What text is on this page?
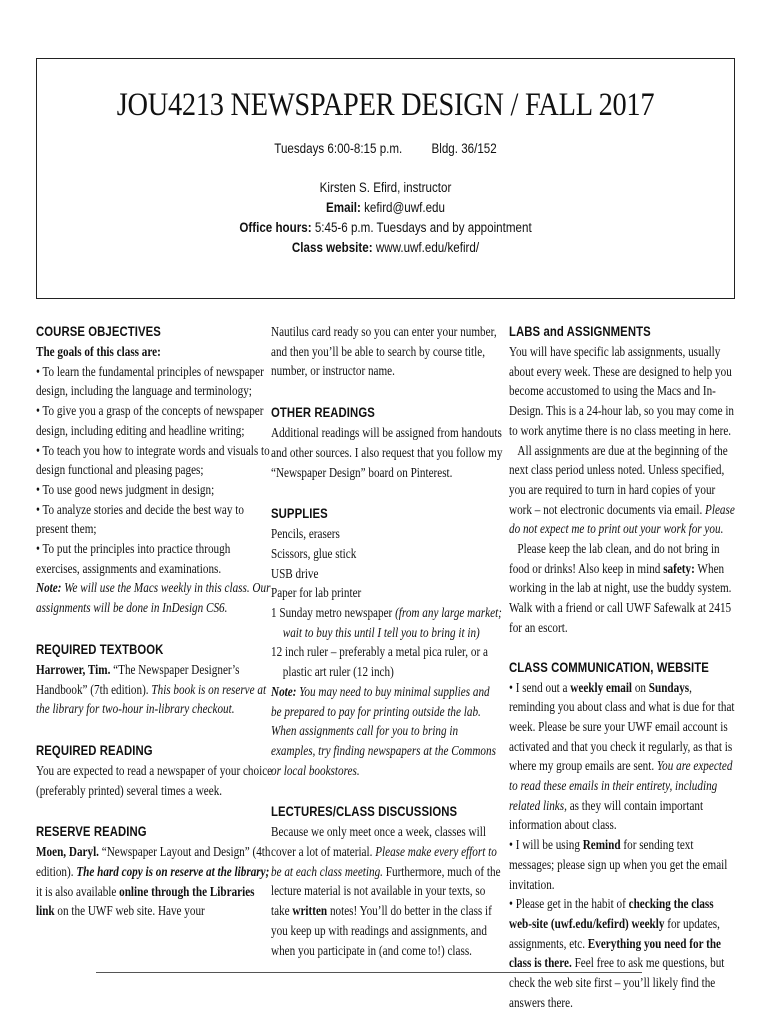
JOU4213 NEWSPAPER DESIGN / FALL 2017
Tuesdays 6:00-8:15 p.m. Bldg. 36/152
Kirsten S. Efird, instructor
Email: kefird@uwf.edu
Office hours: 5:45-6 p.m. Tuesdays and by appointment
Class website: www.uwf.edu/kefird/
COURSE OBJECTIVES

The goals of this class are:

• To learn the fundamental principles of newspaper design, including the language and terminology;

• To give you a grasp of the concepts of newspaper design, including editing and headline writing;

• To teach you how to integrate words and visuals to design functional and pleasing pages;

• To use good news judgment in design;

• To analyze stories and decide the best way to present them;

• To put the principles into practice through exercises, assignments and examinations.

Note: We will use the Macs weekly in this class. Our assignments will be done in InDesign CS6.

REQUIRED TEXTBOOK

Harrower, Tim. “The Newspaper Designer’s Handbook” (7th edition). This book is on reserve at the library for two-hour in-library checkout.

REQUIRED READING

You are expected to read a newspaper of your choice (preferably printed) several times a week.

RESERVE READING

Moen, Daryl. “Newspaper Layout and Design” (4th edition). The hard copy is on reserve at the library; it is also available online through the Libraries link on the UWF web site. Have your

Nautilus card ready so you can enter your number, and then you’ll be able to search by course title, number, or instructor name.

OTHER READINGS

Additional readings will be assigned from handouts and other sources. I also request that you follow my “Newspaper Design” board on Pinterest.

SUPPLIES

Pencils, erasers

Scissors, glue stick

USB drive

Paper for lab printer

1 Sunday metro newspaper (from any large market; wait to buy this until I tell you to bring it in)

12 inch ruler – preferably a metal pica ruler, or a plastic art ruler (12 inch)

Note: You may need to buy minimal supplies and be prepared to pay for printing outside the lab. When assignments call for you to bring in examples, try finding newspapers at the Commons or local bookstores.

LECTURES/CLASS DISCUSSIONS

Because we only meet once a week, classes will cover a lot of material. Please make every effort to be at each class meeting. Furthermore, much of the lecture material is not available in your texts, so take written notes! You’ll do better in the class if you keep up with readings and assignments, and when you participate in (and come to!) class.

LABS and ASSIGNMENTS

You will have specific lab assignments, usually about every week. These are designed to help you become accustomed to using the Macs and In-Design. This is a 24-hour lab, so you may come in to work anytime there is no class meeting in here.

All assignments are due at the beginning of the next class period unless noted. Unless specified, you are required to turn in hard copies of your work – not electronic documents via email. Please do not expect me to print out your work for you.

Please keep the lab clean, and do not bring in food or drinks! Also keep in mind safety: When working in the lab at night, use the buddy system. Walk with a friend or call UWF Safewalk at 2415 for an escort.

CLASS COMMUNICATION, WEBSITE

• I send out a weekly email on Sundays, reminding you about class and what is due for that week. Please be sure your UWF email account is activated and that you check it regularly, as that is where my group emails are sent. You are expected to read these emails in their entirety, including related links, as they will contain important information about class.

• I will be using Remind for sending text messages; please sign up when you get the email invitation.

• Please get in the habit of checking the class web-site (uwf.edu/kefird) weekly for updates, assignments, etc. Everything you need for the class is there. Feel free to ask me questions, but check the web site first – you’ll likely find the answers there.
